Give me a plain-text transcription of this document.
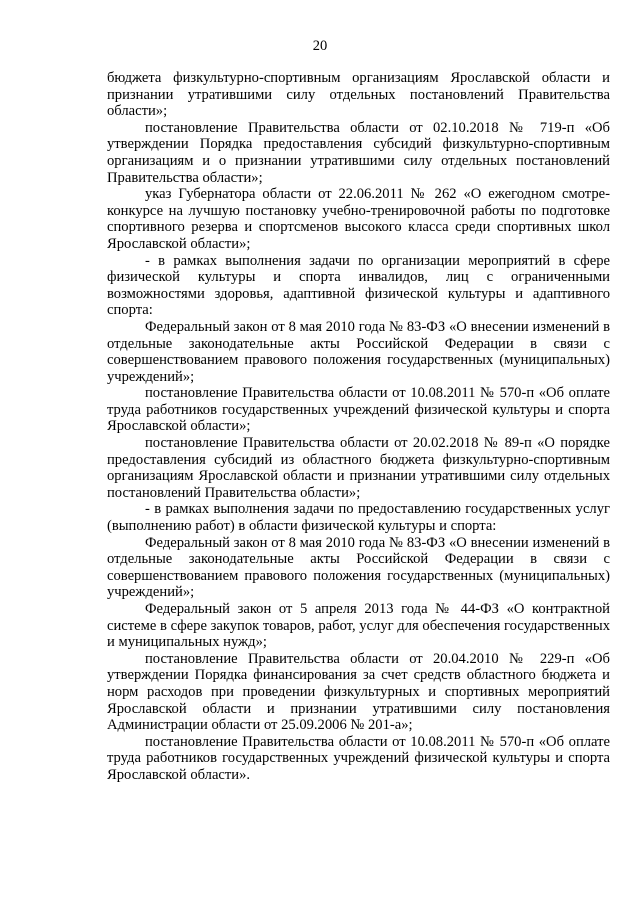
20

бюджета физкультурно-спортивным организациям Ярославской области и признании утратившими силу отдельных постановлений Правительства области»;

постановление Правительства области от 02.10.2018 № 719-п «Об утверждении Порядка предоставления субсидий физкультурно-спортивным организациям и о признании утратившими силу отдельных постановлений Правительства области»;

указ Губернатора области от 22.06.2011 № 262 «О ежегодном смотре-конкурсе на лучшую постановку учебно-тренировочной работы по подготовке спортивного резерва и спортсменов высокого класса среди спортивных школ Ярославской области»;

- в рамках выполнения задачи по организации мероприятий в сфере физической культуры и спорта инвалидов, лиц с ограниченными возможностями здоровья, адаптивной физической культуры и адаптивного спорта:

Федеральный закон от 8 мая 2010 года № 83-ФЗ «О внесении изменений в отдельные законодательные акты Российской Федерации в связи с совершенствованием правового положения государственных (муниципальных) учреждений»;

постановление Правительства области от 10.08.2011 № 570-п «Об оплате труда работников государственных учреждений физической культуры и спорта Ярославской области»;

постановление Правительства области от 20.02.2018 № 89-п «О порядке предоставления субсидий из областного бюджета физкультурно-спортивным организациям Ярославской области и признании утратившими силу отдельных постановлений Правительства области»;

- в рамках выполнения задачи по предоставлению государственных услуг (выполнению работ) в области физической культуры и спорта:

Федеральный закон от 8 мая 2010 года № 83-ФЗ «О внесении изменений в отдельные законодательные акты Российской Федерации в связи с совершенствованием правового положения государственных (муниципальных) учреждений»;

Федеральный закон от 5 апреля 2013 года № 44-ФЗ «О контрактной системе в сфере закупок товаров, работ, услуг для обеспечения государственных и муниципальных нужд»;

постановление Правительства области от 20.04.2010 № 229-п «Об утверждении Порядка финансирования за счет средств областного бюджета и норм расходов при проведении физкультурных и спортивных мероприятий Ярославской области и признании утратившими силу постановления Администрации области от 25.09.2006 № 201-а»;

постановление Правительства области от 10.08.2011 № 570-п «Об оплате труда работников государственных учреждений физической культуры и спорта Ярославской области».
